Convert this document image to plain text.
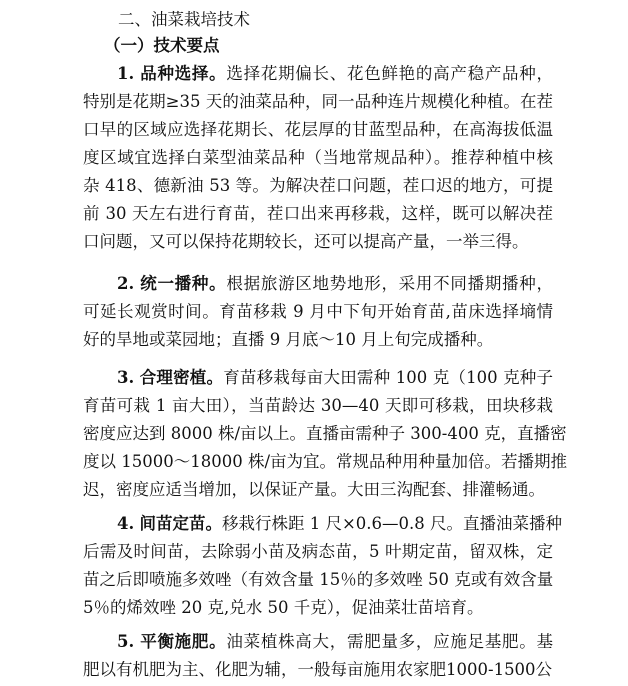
二、油菜栽培技术
（一）技术要点
1. 品种选择。选择花期偏长、花色鲜艳的高产稳产品种，
特别是花期≥35 天的油菜品种，同一品种连片规模化种植。在茬
口早的区域应选择花期长、花层厚的甘蓝型品种，在高海拔低温
度区域宜选择白菜型油菜品种（当地常规品种）。推荐种植中核
杂 418、德新油 53 等。为解决茬口问题，茬口迟的地方，可提
前 30 天左右进行育苗，茬口出来再移栽，这样，既可以解决茬
口问题，又可以保持花期较长，还可以提高产量，一举三得。
2. 统一播种。根据旅游区地势地形，采用不同播期播种，
可延长观赏时间。育苗移栽 9 月中下旬开始育苗,苗床选择墒情
好的旱地或菜园地；直播 9 月底～10 月上旬完成播种。
3. 合理密植。育苗移栽每亩大田需种 100 克（100 克种子
育苗可栽 1 亩大田），当苗龄达 30—40 天即可移栽，田块移栽
密度应达到 8000 株/亩以上。直播亩需种子 300-400 克，直播密
度以 15000～18000 株/亩为宜。常规品种用种量加倍。若播期推
迟，密度应适当增加，以保证产量。大田三沟配套、排灌畅通。
4. 间苗定苗。移栽行株距 1 尺×0.6—0.8 尺。直播油菜播种
后需及时间苗，去除弱小苗及病态苗，5 叶期定苗，留双株，定
苗之后即喷施多效唑（有效含量 15％的多效唑 50 克或有效含量
5％的烯效唑 20 克,兑水 50 千克），促油菜壮苗培育。
5. 平衡施肥。油菜植株高大，需肥量多，应施足基肥。基
肥以有机肥为主、化肥为辅，一般每亩施用农家肥1000-1500公
